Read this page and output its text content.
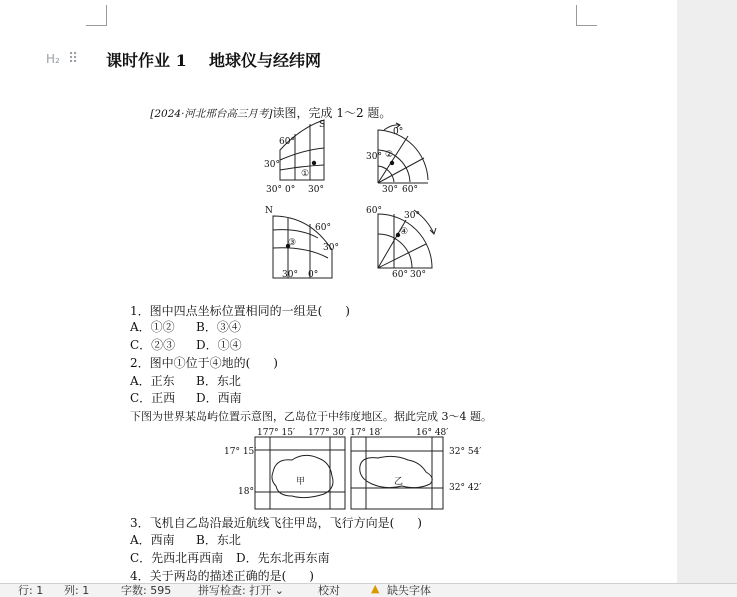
H₂ ⠿	课时作业 1    地球仪与经纬网

[2024·河北邢台高三月考]读图，完成 1～2 题。

S
60°
30°
①
30° 0° 30°
0°
30° ②
30° 60°
N
60°
30°
③
30° 0°
60° 30°
④
60° 30°
1．图中四点坐标位置相同的一组是(      )
A．①② B．③④
C．②③ D．①④
2．图中①位于④地的(      )
A．正东 B．东北
C．正西 D．西南
下图为世界某岛屿位置示意图，乙岛位于中纬度地区。据此完成 3～4 题。
177° 15′ 177° 30′ 17° 18′	16° 48′
17° 15′
18°
32° 54′
32° 42′
甲	乙
3．飞机自乙岛沿最近航线飞往甲岛，飞行方向是(      )
A．西南 B．东北
C．先西北再西南 D．先东北再东南
4．关于两岛的描述正确的是(      )
行: 1 列: 1	字数: 595 拼写检查: 打开 ⌄	校对	▲ 缺失字体
